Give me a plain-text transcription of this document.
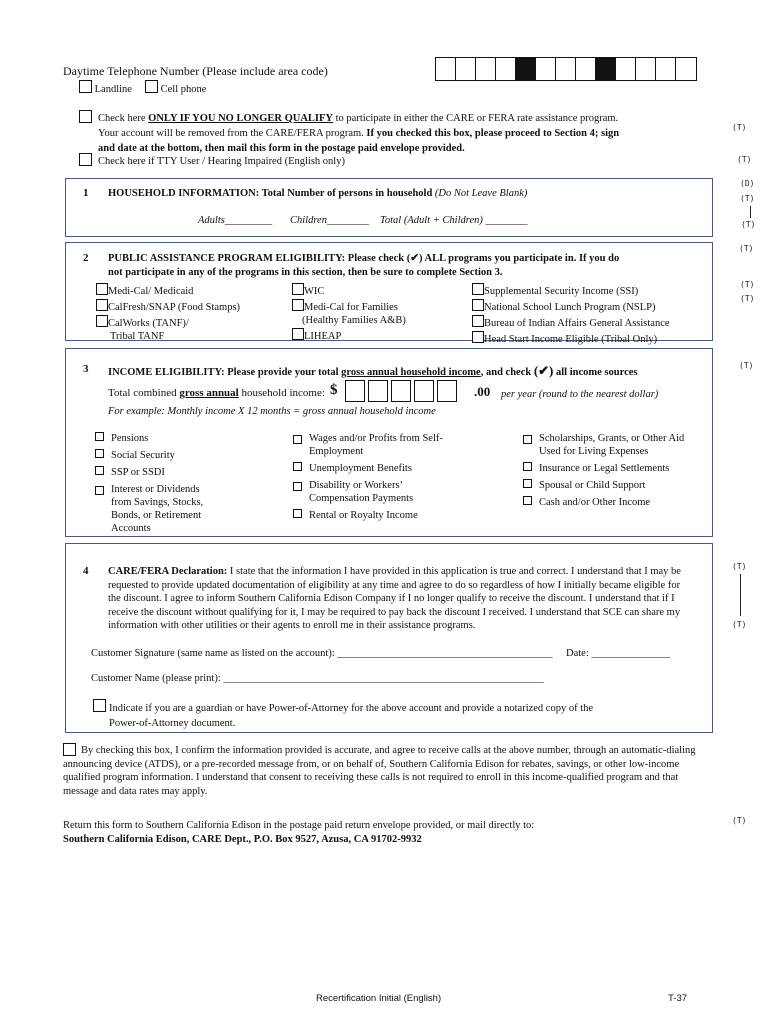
Daytime Telephone Number (Please include area code)
Landline	Cell phone
Check here ONLY IF YOU NO LONGER QUALIFY to participate in either the CARE or FERA rate assistance program.
Your account will be removed from the CARE/FERA program. If you checked this box, please proceed to Section 4; sign
and date at the bottom, then mail this form in the postage paid envelope provided.
Check here if TTY User / Hearing Impaired (English only)
1 HOUSEHOLD INFORMATION: Total Number of persons in household (Do Not Leave Blank)
Adults_________ Children________ Total (Adult + Children) ________
2 PUBLIC ASSISTANCE PROGRAM ELIGIBILITY: Please check (✔) ALL programs you participate in. If you do
not participate in any of the programs in this section, then be sure to complete Section 3.
Medi-Cal/ Medicaid
CalFresh/SNAP (Food Stamps)
CalWorks (TANF)/
Tribal TANF
WIC
Medi-Cal for Families
(Healthy Families A&B)
LIHEAP
Supplemental Security Income (SSI)
National School Lunch Program (NSLP)
Bureau of Indian Affairs General Assistance
Head Start Income Eligible (Tribal Only)
3 INCOME ELIGIBILITY: Please provide your total gross annual household income, and check (✔) all income sources
Total combined gross annual household income: $	.00 per year (round to the nearest dollar)
For example: Monthly income X 12 months = gross annual household income
Pensions
Social Security
SSP or SSDI
Interest or Dividends from Savings, Stocks, Bonds, or Retirement Accounts
Wages and/or Profits from Self-Employment
Unemployment Benefits
Disability or Workers’ Compensation Payments
Rental or Royalty Income
Scholarships, Grants, or Other Aid Used for Living Expenses
Insurance or Legal Settlements
Spousal or Child Support
Cash and/or Other Income
4 CARE/FERA Declaration: I state that the information I have provided in this application is true and correct. I understand that I may be requested to provide updated documentation of eligibility at any time and agree to do so regardless of how I initially became eligible for the discount. I agree to inform Southern California Edison Company if I no longer qualify to receive the discount. I understand that if I receive the discount without qualifying for it, I may be required to pay back the discount I received. I understand that SCE can share my information with other utilities or their agents to enroll me in their assistance programs.
Customer Signature (same name as listed on the account): _________________________________________ Date: _______________
Customer Name (please print): _____________________________________________________________
Indicate if you are a guardian or have Power-of-Attorney for the above account and provide a notarized copy of the
Power-of-Attorney document.
By checking this box, I confirm the information provided is accurate, and agree to receive calls at the above number, through an automatic-dialing announcing device (ATDS), or a pre-recorded message from, or on behalf of, Southern California Edison for rebates, savings, or other low-income qualified program information. I understand that consent to receiving these calls is not required to enroll in this income-qualified program and that message and data rates may apply.
Return this form to Southern California Edison in the postage paid return envelope provided, or mail directly to:
Southern California Edison, CARE Dept., P.O. Box 9527, Azusa, CA 91702-9932
(T)
(T)
(D)
(T)
(T)
(T)
(T)
(T)
(T)
(T)
(T)
(T)
Recertification Initial (English)	T-37
